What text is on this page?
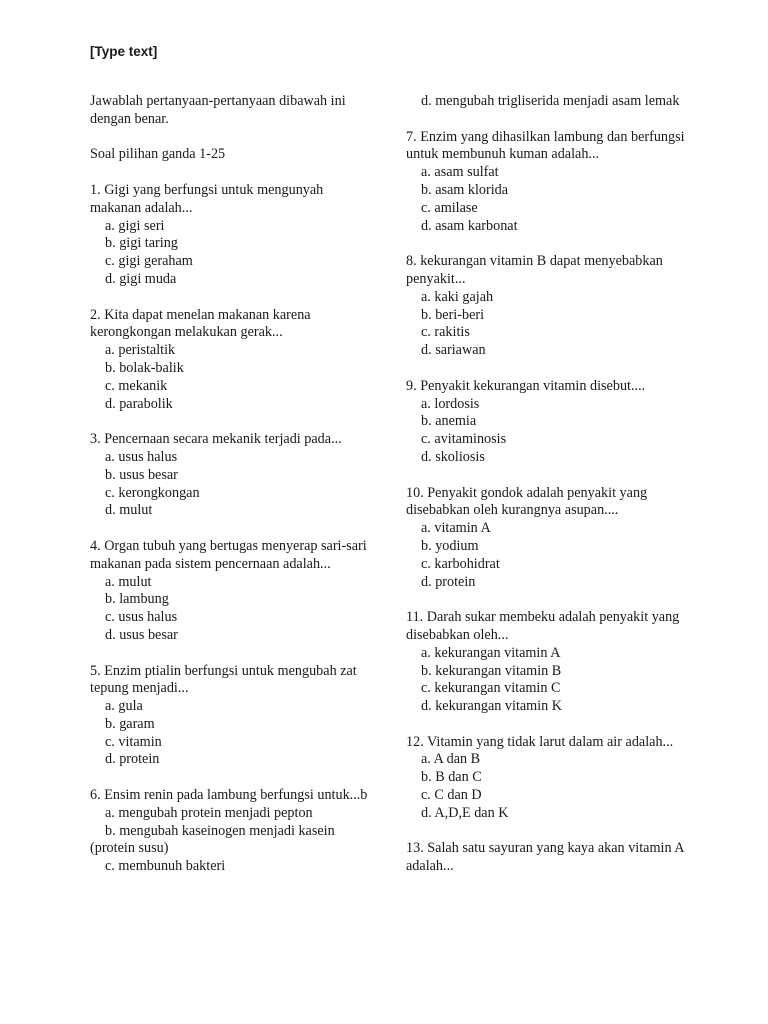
[Type text]
Jawablah pertanyaan-pertanyaan dibawah ini dengan benar.
Soal pilihan ganda 1-25
1. Gigi yang berfungsi untuk mengunyah makanan adalah...
a. gigi seri
b. gigi taring
c. gigi geraham
d. gigi muda
2. Kita dapat menelan makanan karena kerongkongan melakukan gerak...
a. peristaltik
b. bolak-balik
c. mekanik
d. parabolik
3. Pencernaan secara mekanik terjadi pada...
a. usus halus
b. usus besar
c. kerongkongan
d. mulut
4. Organ tubuh yang bertugas menyerap sari-sari makanan pada sistem pencernaan adalah...
a. mulut
b. lambung
c. usus halus
d. usus besar
5. Enzim ptialin berfungsi untuk mengubah zat tepung menjadi...
a. gula
b. garam
c. vitamin
d. protein
6. Ensim renin pada lambung berfungsi untuk...b
a. mengubah protein menjadi pepton
b. mengubah kaseinogen menjadi kasein
(protein susu)
c. membunuh bakteri
d. mengubah trigliserida menjadi asam lemak
7. Enzim yang dihasilkan lambung dan berfungsi untuk membunuh kuman adalah...
a. asam sulfat
b. asam klorida
c. amilase
d. asam karbonat
8. kekurangan vitamin B dapat menyebabkan penyakit...
a. kaki gajah
b. beri-beri
c. rakitis
d. sariawan
9. Penyakit kekurangan vitamin disebut....
a. lordosis
b. anemia
c. avitaminosis
d. skoliosis
10. Penyakit gondok adalah penyakit yang disebabkan oleh kurangnya asupan....
a. vitamin A
b. yodium
c. karbohidrat
d. protein
11. Darah sukar membeku adalah penyakit yang disebabkan oleh...
a. kekurangan vitamin A
b. kekurangan vitamin B
c. kekurangan vitamin C
d. kekurangan vitamin K
12. Vitamin yang tidak larut dalam air adalah...
a. A dan B
b. B dan C
c. C dan D
d. A,D,E dan K
13. Salah satu sayuran yang kaya akan vitamin A adalah...
